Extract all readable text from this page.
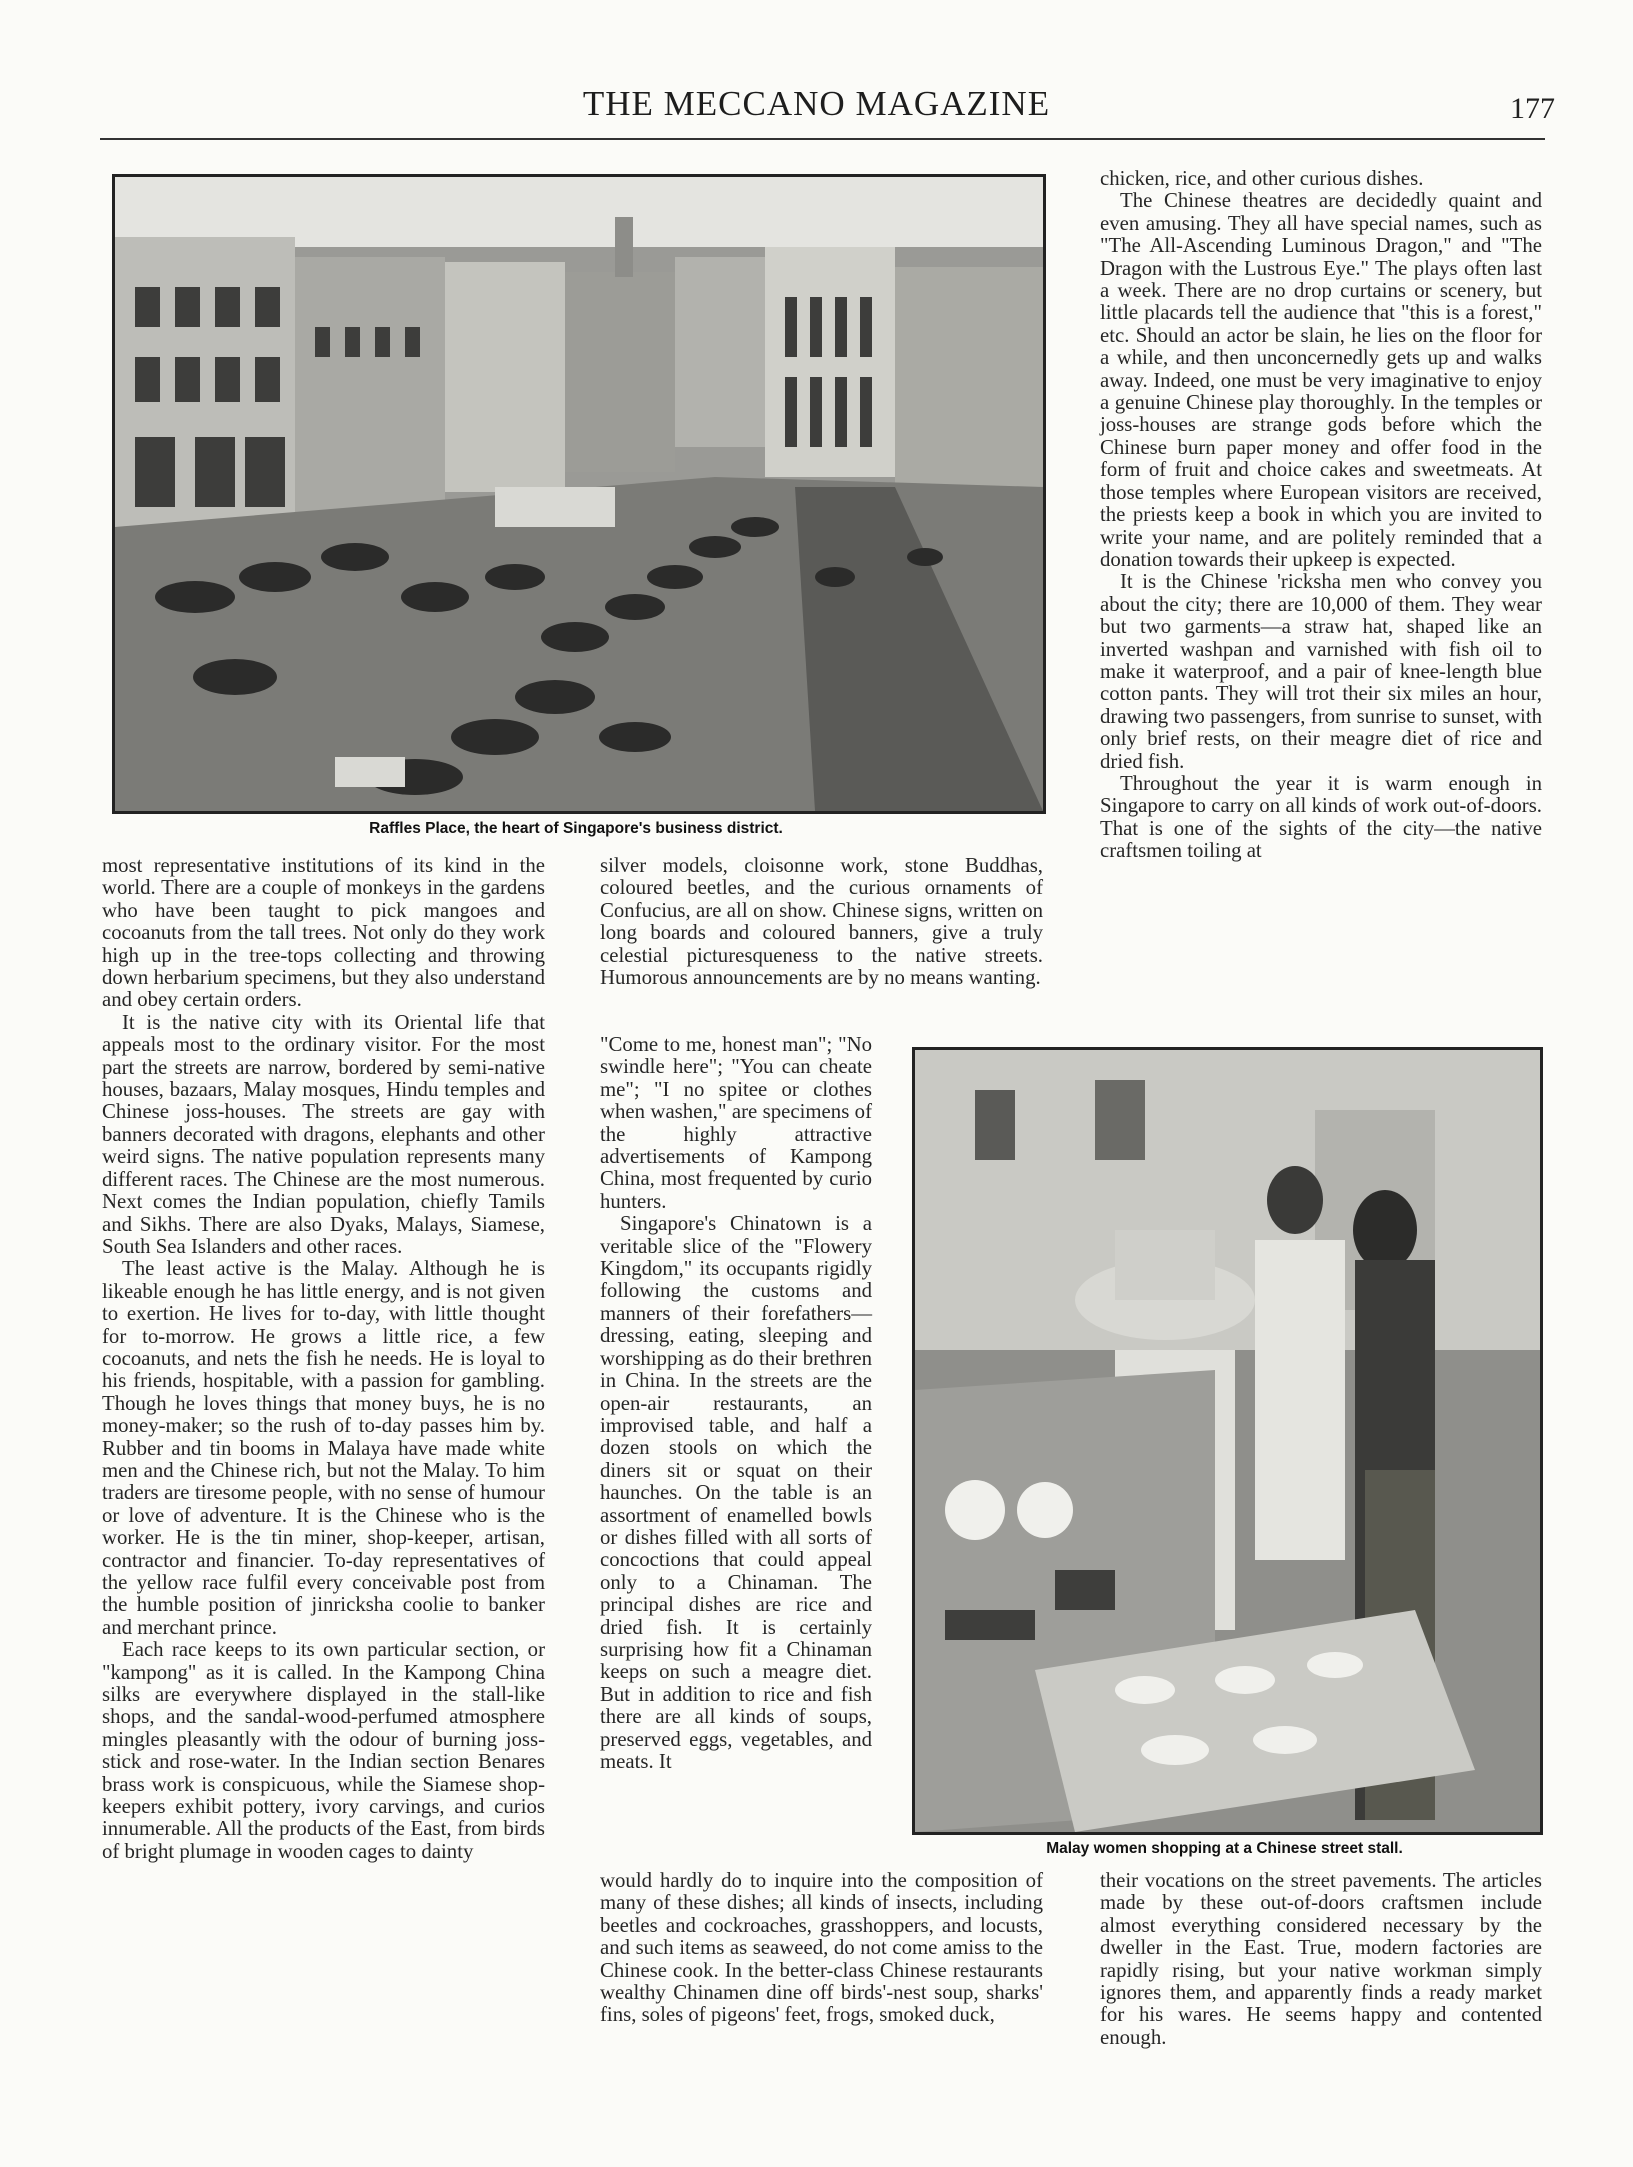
THE MECCANO MAGAZINE	177
Raffles Place, the heart of Singapore's business district.

most representative institutions of its kind in the world. There are a couple of monkeys in the gardens who have been taught to pick mangoes and cocoanuts from the tall trees. Not only do they work high up in the tree-tops collecting and throwing down herbarium specimens, but they also understand and obey certain orders.

It is the native city with its Oriental life that appeals most to the ordinary visitor. For the most part the streets are narrow, bordered by semi-native houses, bazaars, Malay mosques, Hindu temples and Chinese joss-houses. The streets are gay with banners decorated with dragons, elephants and other weird signs. The native population represents many different races. The Chinese are the most numerous. Next comes the Indian population, chiefly Tamils and Sikhs. There are also Dyaks, Malays, Siamese, South Sea Islanders and other races.

The least active is the Malay. Although he is likeable enough he has little energy, and is not given to exertion. He lives for to-day, with little thought for to-morrow. He grows a little rice, a few cocoanuts, and nets the fish he needs. He is loyal to his friends, hospitable, with a passion for gambling. Though he loves things that money buys, he is no money-maker; so the rush of to-day passes him by. Rubber and tin booms in Malaya have made white men and the Chinese rich, but not the Malay. To him traders are tiresome people, with no sense of humour or love of adventure. It is the Chinese who is the worker. He is the tin miner, shop-keeper, artisan, contractor and financier. To-day representatives of the yellow race fulfil every conceivable post from the humble position of jinricksha coolie to banker and merchant prince.

Each race keeps to its own particular section, or "kampong" as it is called. In the Kampong China silks are everywhere displayed in the stall-like shops, and the sandal-wood-perfumed atmosphere mingles pleasantly with the odour of burning joss-stick and rose-water. In the Indian section Benares brass work is conspicuous, while the Siamese shop-keepers exhibit pottery, ivory carvings, and curios innumerable. All the products of the East, from birds of bright plumage in wooden cages to dainty

silver models, cloisonne work, stone Buddhas, coloured beetles, and the curious ornaments of Confucius, are all on show. Chinese signs, written on long boards and coloured banners, give a truly celestial picturesqueness to the native streets. Humorous announcements are by no means wanting.

"Come to me, honest man"; "No swindle here"; "You can cheate me"; "I no spitee or clothes when washen," are specimens of the highly attractive advertisements of Kampong China, most frequented by curio hunters.

Singapore's Chinatown is a veritable slice of the "Flowery Kingdom," its occupants rigidly following the customs and manners of their forefathers—dressing, eating, sleeping and worshipping as do their brethren in China. In the streets are the open-air restaurants, an improvised table, and half a dozen stools on which the diners sit or squat on their haunches. On the table is an assortment of enamelled bowls or dishes filled with all sorts of concoctions that could appeal only to a Chinaman. The principal dishes are rice and dried fish. It is certainly surprising how fit a Chinaman keeps on such a meagre diet. But in addition to rice and fish there are all kinds of soups, preserved eggs, vegetables, and meats. It

would hardly do to inquire into the composition of many of these dishes; all kinds of insects, including beetles and cockroaches, grasshoppers, and locusts, and such items as seaweed, do not come amiss to the Chinese cook. In the better-class Chinese restaurants wealthy Chinamen dine off birds'-nest soup, sharks' fins, soles of pigeons' feet, frogs, smoked duck,

chicken, rice, and other curious dishes.

The Chinese theatres are decidedly quaint and even amusing. They all have special names, such as "The All-Ascending Luminous Dragon," and "The Dragon with the Lustrous Eye." The plays often last a week. There are no drop curtains or scenery, but little placards tell the audience that "this is a forest," etc. Should an actor be slain, he lies on the floor for a while, and then unconcernedly gets up and walks away. Indeed, one must be very imaginative to enjoy a genuine Chinese play thoroughly. In the temples or joss-houses are strange gods before which the Chinese burn paper money and offer food in the form of fruit and choice cakes and sweetmeats. At those temples where European visitors are received, the priests keep a book in which you are invited to write your name, and are politely reminded that a donation towards their upkeep is expected.

It is the Chinese 'ricksha men who convey you about the city; there are 10,000 of them. They wear but two garments—a straw hat, shaped like an inverted washpan and varnished with fish oil to make it waterproof, and a pair of knee-length blue cotton pants. They will trot their six miles an hour, drawing two passengers, from sunrise to sunset, with only brief rests, on their meagre diet of rice and dried fish.

Throughout the year it is warm enough in Singapore to carry on all kinds of work out-of-doors. That is one of the sights of the city—the native craftsmen toiling at

Malay women shopping at a Chinese street stall.

their vocations on the street pavements. The articles made by these out-of-doors craftsmen include almost everything considered necessary by the dweller in the East. True, modern factories are rapidly rising, but your native workman simply ignores them, and apparently finds a ready market for his wares. He seems happy and contented enough.
